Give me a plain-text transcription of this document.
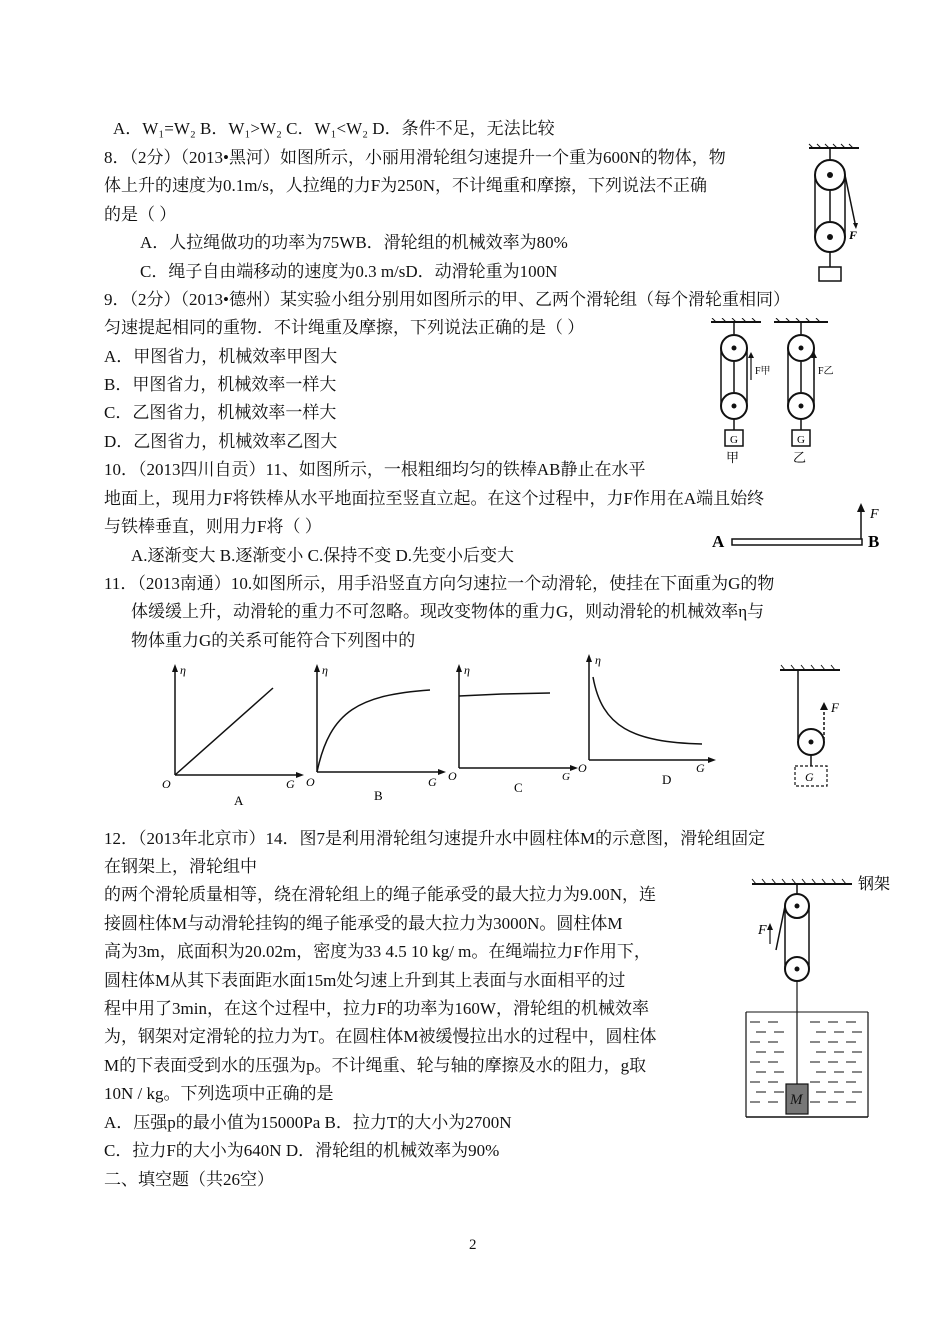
A．W₁=W₂ B．W₁>W₂ C．W₁<W₂ D．条件不足，无法比较
8．（2分）（2013•黑河）如图所示，小丽用滑轮组匀速提升一个重为600N的物体，物
体上升的速度为0.1m/s，人拉绳的力F为250N，不计绳重和摩擦，下列说法不正确
的是（ ）
A．人拉绳做功的功率为75WB．滑轮组的机械效率为80%
C．绳子自由端移动的速度为0.3 m/sD．动滑轮重为100N
9．（2分）（2013•德州）某实验小组分别用如图所示的甲、乙两个滑轮组（每个滑轮重相同）
匀速提起相同的重物．不计绳重及摩擦，下列说法正确的是（ ）
A．甲图省力，机械效率甲图大
B．甲图省力，机械效率一样大
C．乙图省力，机械效率一样大
D．乙图省力，机械效率乙图大
10．（2013四川自贡）11、如图所示，一根粗细均匀的铁棒AB静止在水平
地面上，现用力F将铁棒从水平地面拉至竖直立起。在这个过程中，力F作用在A端且始终
与铁棒垂直，则用力F将（ ）
A.逐渐变大 B.逐渐变小 C.保持不变 D.先变小后变大
11．（2013南通）10.如图所示，用手沿竖直方向匀速拉一个动滑轮，使挂在下面重为G的物
体缓缓上升，动滑轮的重力不可忽略。现改变物体的重力G，则动滑轮的机械效率η与
物体重力G的关系可能符合下列图中的
12．（2013年北京市）14．图7是利用滑轮组匀速提升水中圆柱体M的示意图，滑轮组固定
在钢架上，滑轮组中
的两个滑轮质量相等，绕在滑轮组上的绳子能承受的最大拉力为9.00N，连
接圆柱体M与动滑轮挂钩的绳子能承受的最大拉力为3000N。圆柱体M
高为3m，底面积为20.02m，密度为33 4.5 10 kg/ m。在绳端拉力F作用下，
圆柱体M从其下表面距水面15m处匀速上升到其上表面与水面相平的过
程中用了3min，在这个过程中，拉力F的功率为160W，滑轮组的机械效率
为，钢架对定滑轮的拉力为T。在圆柱体M被缓慢拉出水的过程中，圆柱体
M的下表面受到水的压强为p。不计绳重、轮与轴的摩擦及水的阻力，g取
10N / kg。下列选项中正确的是
A．压强p的最小值为15000Pa B．拉力T的大小为2700N
C．拉力F的大小为640N D．滑轮组的机械效率为90%
二、填空题（共26空）
2
F
F甲
G
甲
F乙
G
乙
A	B
F
η
G
O
A
η
G
O
B
η
G
O
C
η
G
O
D
F
G
钢架
F
M
